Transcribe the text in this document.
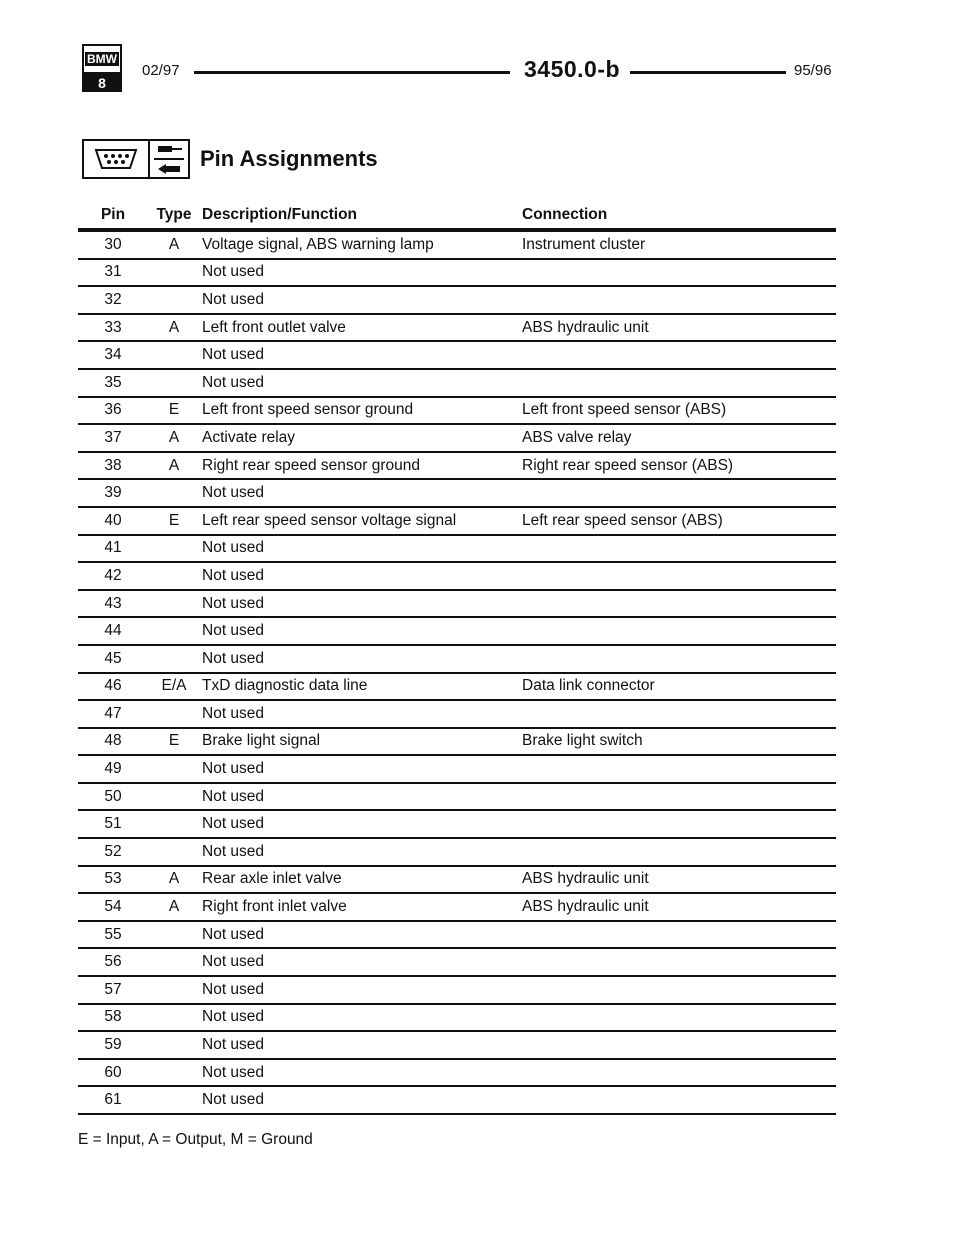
BMW
8
02/97	3450.0-b	95/96
Pin Assignments
Pin	Type	Description/Function	Connection
30	A	Voltage signal, ABS warning lamp	Instrument cluster
31		Not used	
32		Not used	
33	A	Left front outlet valve	ABS hydraulic unit
34		Not used	
35		Not used	
36	E	Left front speed sensor ground	Left front speed sensor (ABS)
37	A	Activate relay	ABS valve relay
38	A	Right rear speed sensor ground	Right rear speed sensor (ABS)
39		Not used	
40	E	Left rear speed sensor voltage signal	Left rear speed sensor (ABS)
41		Not used	
42		Not used	
43		Not used	
44		Not used	
45		Not used	
46	E/A	TxD diagnostic data line	Data link connector
47		Not used	
48	E	Brake light signal	Brake light switch
49		Not used	
50		Not used	
51		Not used	
52		Not used	
53	A	Rear axle inlet valve	ABS hydraulic unit
54	A	Right front inlet valve	ABS hydraulic unit
55		Not used	
56		Not used	
57		Not used	
58		Not used	
59		Not used	
60		Not used	
61		Not used	
E = Input, A = Output, M = Ground
